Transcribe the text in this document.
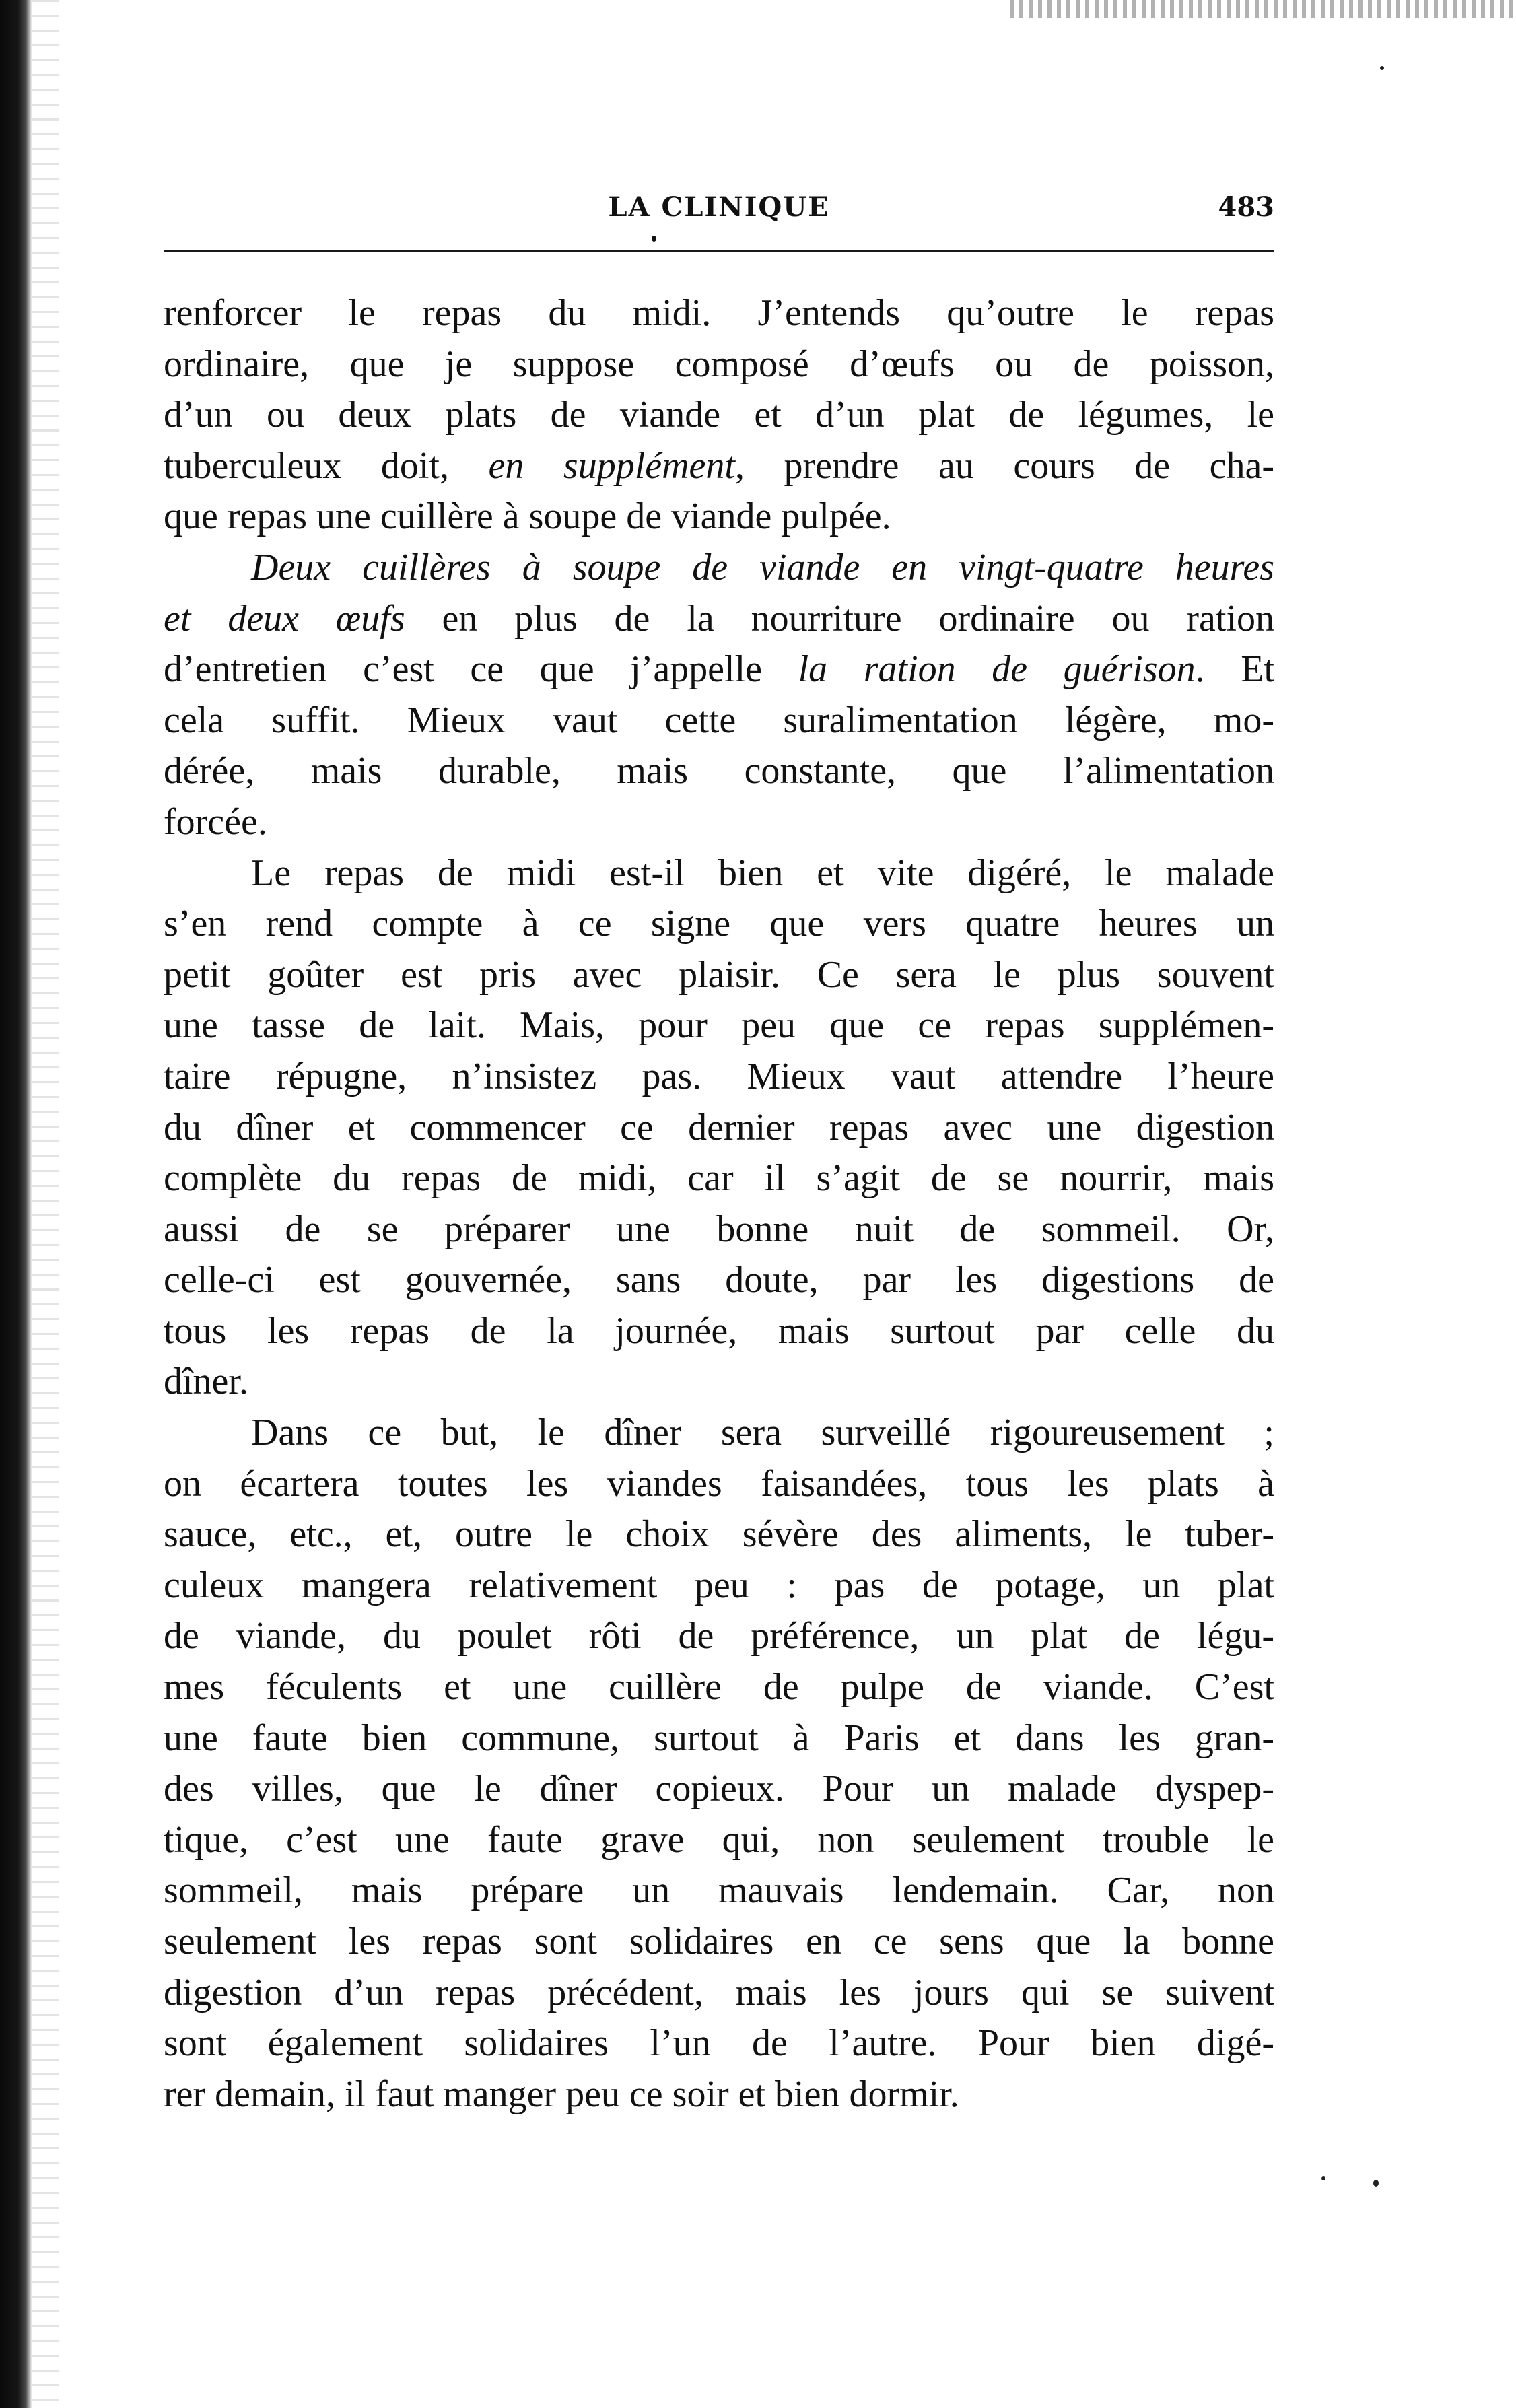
LA CLINIQUE	483
renforcer le repas du midi. J’entends qu’outre le repas
ordinaire, que je suppose composé d’œufs ou de poisson,
d’un ou deux plats de viande et d’un plat de légumes, le
tuberculeux doit, en supplément, prendre au cours de cha-
que repas une cuillère à soupe de viande pulpée.
Deux cuillères à soupe de viande en vingt-quatre heures
et deux œufs en plus de la nourriture ordinaire ou ration
d’entretien c’est ce que j’appelle la ration de guérison. Et
cela suffit. Mieux vaut cette suralimentation légère, mo-
dérée, mais durable, mais constante, que l’alimentation
forcée.
Le repas de midi est-il bien et vite digéré, le malade
s’en rend compte à ce signe que vers quatre heures un
petit goûter est pris avec plaisir. Ce sera le plus souvent
une tasse de lait. Mais, pour peu que ce repas supplémen-
taire répugne, n’insistez pas. Mieux vaut attendre l’heure
du dîner et commencer ce dernier repas avec une digestion
complète du repas de midi, car il s’agit de se nourrir, mais
aussi de se préparer une bonne nuit de sommeil. Or,
celle-ci est gouvernée, sans doute, par les digestions de
tous les repas de la journée, mais surtout par celle du
dîner.
Dans ce but, le dîner sera surveillé rigoureusement ;
on écartera toutes les viandes faisandées, tous les plats à
sauce, etc., et, outre le choix sévère des aliments, le tuber-
culeux mangera relativement peu : pas de potage, un plat
de viande, du poulet rôti de préférence, un plat de légu-
mes féculents et une cuillère de pulpe de viande. C’est
une faute bien commune, surtout à Paris et dans les gran-
des villes, que le dîner copieux. Pour un malade dyspep-
tique, c’est une faute grave qui, non seulement trouble le
sommeil, mais prépare un mauvais lendemain. Car, non
seulement les repas sont solidaires en ce sens que la bonne
digestion d’un repas précédent, mais les jours qui se suivent
sont également solidaires l’un de l’autre. Pour bien digé-
rer demain, il faut manger peu ce soir et bien dormir.
